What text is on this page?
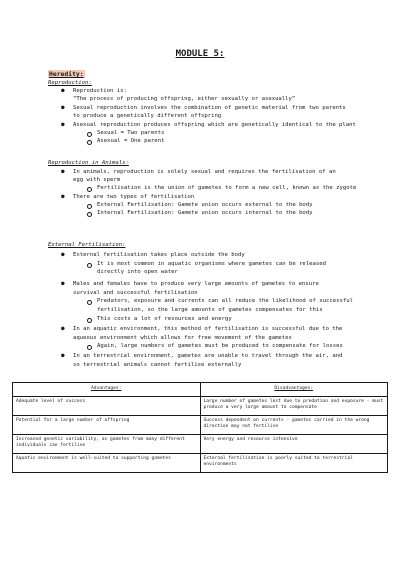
MODULE 5:
Heredity:
Reproduction:
● Reproduction is:
“The process of producing offspring, either sexually or asexually”
● Sexual reproduction involves the combination of genetic material from two parents
to produce a genetically different offspring
● Asexual reproduction produces offspring which are genetically identical to the plant
Sexual = Two parents
Asexual = One parent
Reproduction in Animals:
● In animals, reproduction is solely sexual and requires the fertilisation of an
egg with sperm
Fertilisation is the union of gametes to form a new cell, known as the zygote
● There are two types of fertilisation
External Fertilisation: Gamete union occurs external to the body
Internal Fertilisation: Gamete union occurs internal to the body
External Fertilisation:
● External fertilisation takes place outside the body
It is most common in aquatic organisms where gametes can be released
directly into open water
● Males and females have to produce very large amounts of gametes to ensure
survival and successful fertilisation
Predators, exposure and currents can all reduce the likelihood of successful
fertilisation, so the large amounts of gametes compensates for this
This costs a lot of resources and energy
● In an aquatic environment, this method of fertilisation is successful due to the
aqueous environment which allows for free movement of the gametes
Again, large numbers of gametes must be produced to compensate for losses
● In an terrestrial environment, gametes are unable to travel through the air, and
so terrestrial animals cannot fertilise externally
Advantages:	Disadvantages:
Adequate level of success	Large number of gametes lost due to predation and exposure - must produce a very large amount to compensate
Potential for a large number of offspring	Success dependent on currents - gametes carried in the wrong direction may not fertilise
Increased genetic variability, as gametes from many different individuals can fertilise	Very energy and resource intensive
Aquatic environment is well-suited to supporting gametes	External fertilisation is poorly suited to terrestrial environments
